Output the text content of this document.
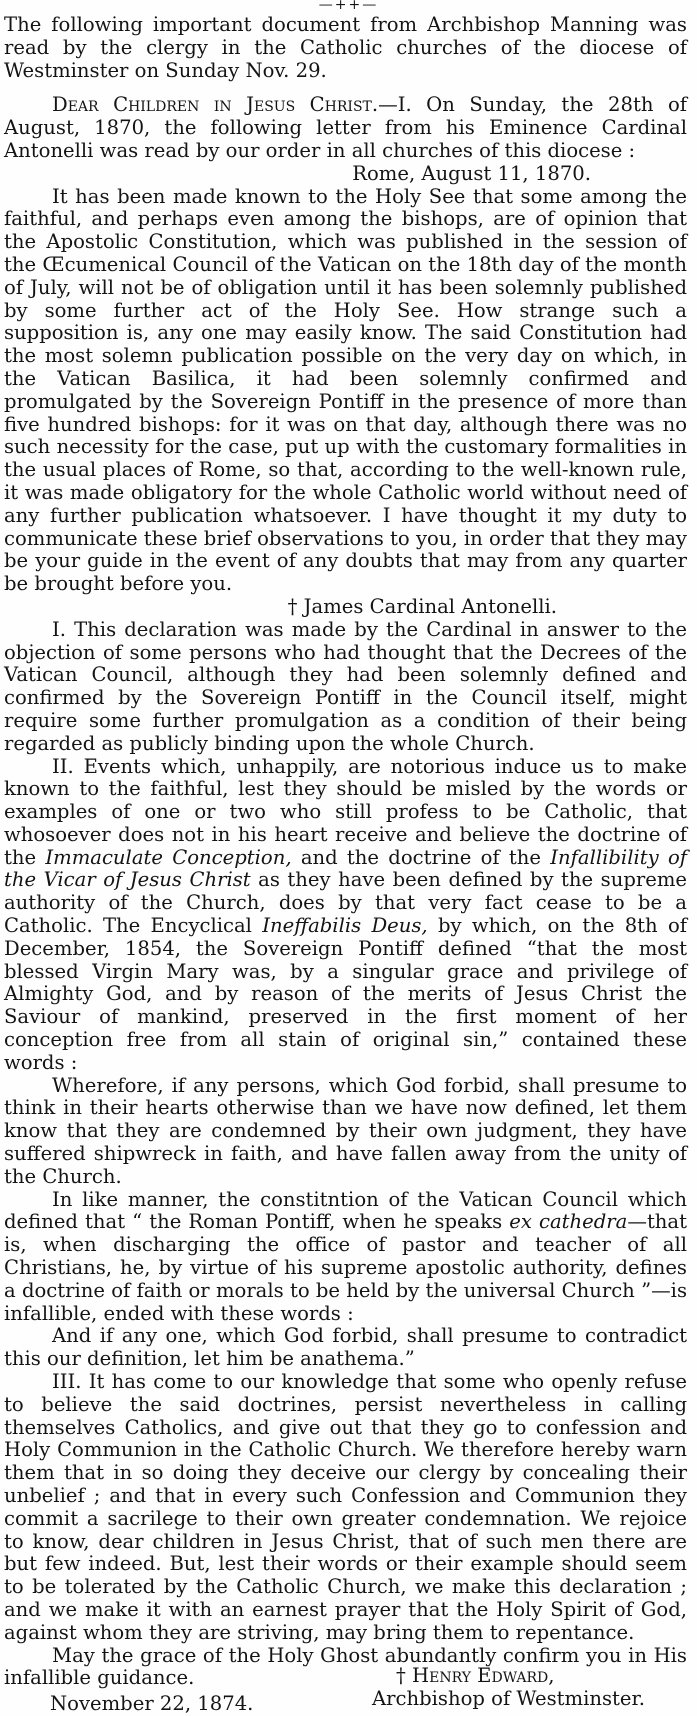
—++—

The following important document from Archbishop Manning was read by the clergy in the Catholic churches of the diocese of Westminster on Sunday Nov. 29.

Dear Children in Jesus Christ.—I. On Sunday, the 28th of August, 1870, the following letter from his Eminence Cardinal Antonelli was read by our order in all churches of this diocese :

Rome, August 11, 1870.

It has been made known to the Holy See that some among the faithful, and perhaps even among the bishops, are of opinion that the Apostolic Constitution, which was published in the session of the Œcumenical Council of the Vatican on the 18th day of the month of July, will not be of obligation until it has been solemnly published by some further act of the Holy See. How strange such a supposition is, any one may easily know. The said Constitution had the most solemn publication possible on the very day on which, in the Vatican Basilica, it had been solemnly confirmed and promulgated by the Sovereign Pontiff in the presence of more than five hundred bishops: for it was on that day, although there was no such necessity for the case, put up with the customary formalities in the usual places of Rome, so that, according to the well-known rule, it was made obligatory for the whole Catholic world without need of any further publication whatsoever. I have thought it my duty to communicate these brief observations to you, in order that they may be your guide in the event of any doubts that may from any quarter be brought before you.

† James Cardinal Antonelli.

I. This declaration was made by the Cardinal in answer to the objection of some persons who had thought that the Decrees of the Vatican Council, although they had been solemnly defined and confirmed by the Sovereign Pontiff in the Council itself, might require some further promulgation as a condition of their being regarded as publicly binding upon the whole Church.

II. Events which, unhappily, are notorious induce us to make known to the faithful, lest they should be misled by the words or examples of one or two who still profess to be Catholic, that whosoever does not in his heart receive and believe the doctrine of the Immaculate Conception, and the doctrine of the Infallibility of the Vicar of Jesus Christ as they have been defined by the supreme authority of the Church, does by that very fact cease to be a Catholic. The Encyclical Ineffabilis Deus, by which, on the 8th of December, 1854, the Sovereign Pontiff defined “that the most blessed Virgin Mary was, by a singular grace and privilege of Almighty God, and by reason of the merits of Jesus Christ the Saviour of mankind, preserved in the first moment of her conception free from all stain of original sin,” contained these words :

Wherefore, if any persons, which God forbid, shall presume to think in their hearts otherwise than we have now defined, let them know that they are condemned by their own judgment, they have suffered shipwreck in faith, and have fallen away from the unity of the Church.

In like manner, the constitntion of the Vatican Council which defined that “ the Roman Pontiff, when he speaks ex cathedra—that is, when discharging the office of pastor and teacher of all Christians, he, by virtue of his supreme apostolic authority, defines a doctrine of faith or morals to be held by the universal Church ”—is infallible, ended with these words :

And if any one, which God forbid, shall presume to contradict this our definition, let him be anathema.”

III. It has come to our knowledge that some who openly refuse to believe the said doctrines, persist nevertheless in calling themselves Catholics, and give out that they go to confession and Holy Communion in the Catholic Church. We therefore hereby warn them that in so doing they deceive our clergy by concealing their unbelief ; and that in every such Confession and Communion they commit a sacrilege to their own greater condemnation. We rejoice to know, dear children in Jesus Christ, that of such men there are but few indeed. But, lest their words or their example should seem to be tolerated by the Catholic Church, we make this declaration ; and we make it with an earnest prayer that the Holy Spirit of God, against whom they are striving, may bring them to repentance.

May the grace of the Holy Ghost abundantly confirm you in His infallible guidance.	† Henry Edward,
Archbishop of Westminster.
November 22, 1874.
